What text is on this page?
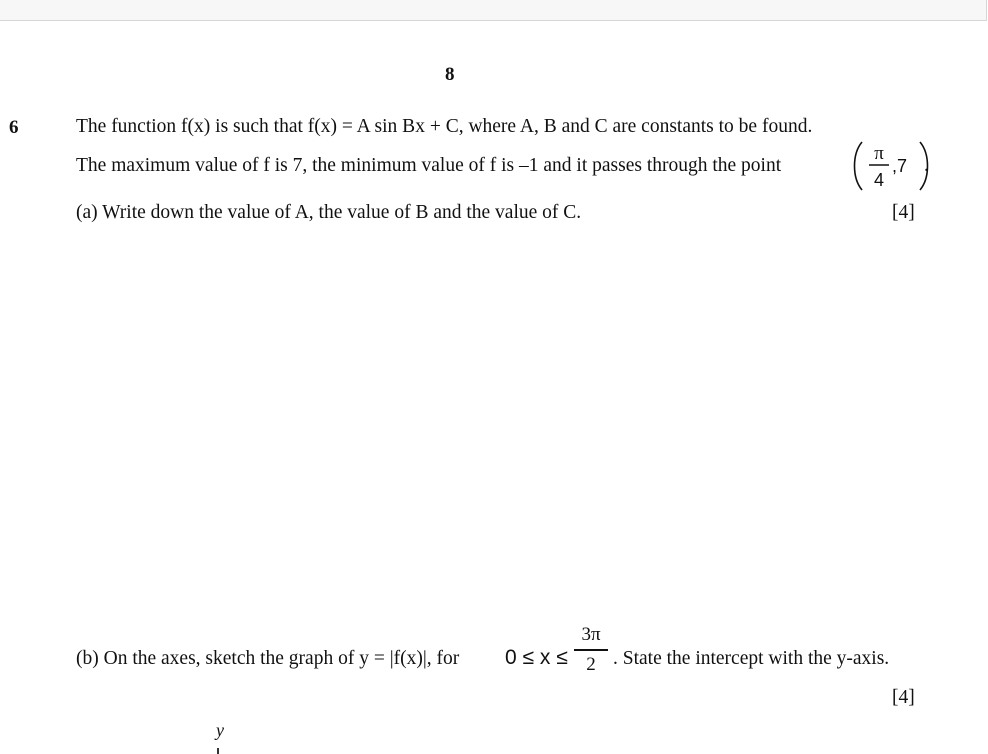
8
6	The function f(x) is such that f(x) = A sin Bx + C, where A, B and C are constants to be found.
The maximum value of f is 7, the minimum value of f is –1 and it passes through the point
π
4
,7 .
(a) Write down the value of A, the value of B and the value of C.	[4]
(b) On the axes, sketch the graph of y = |f(x)|, for 0 ≤ x ≤
3π
2 . State the intercept with the y-axis.
[4]
y
